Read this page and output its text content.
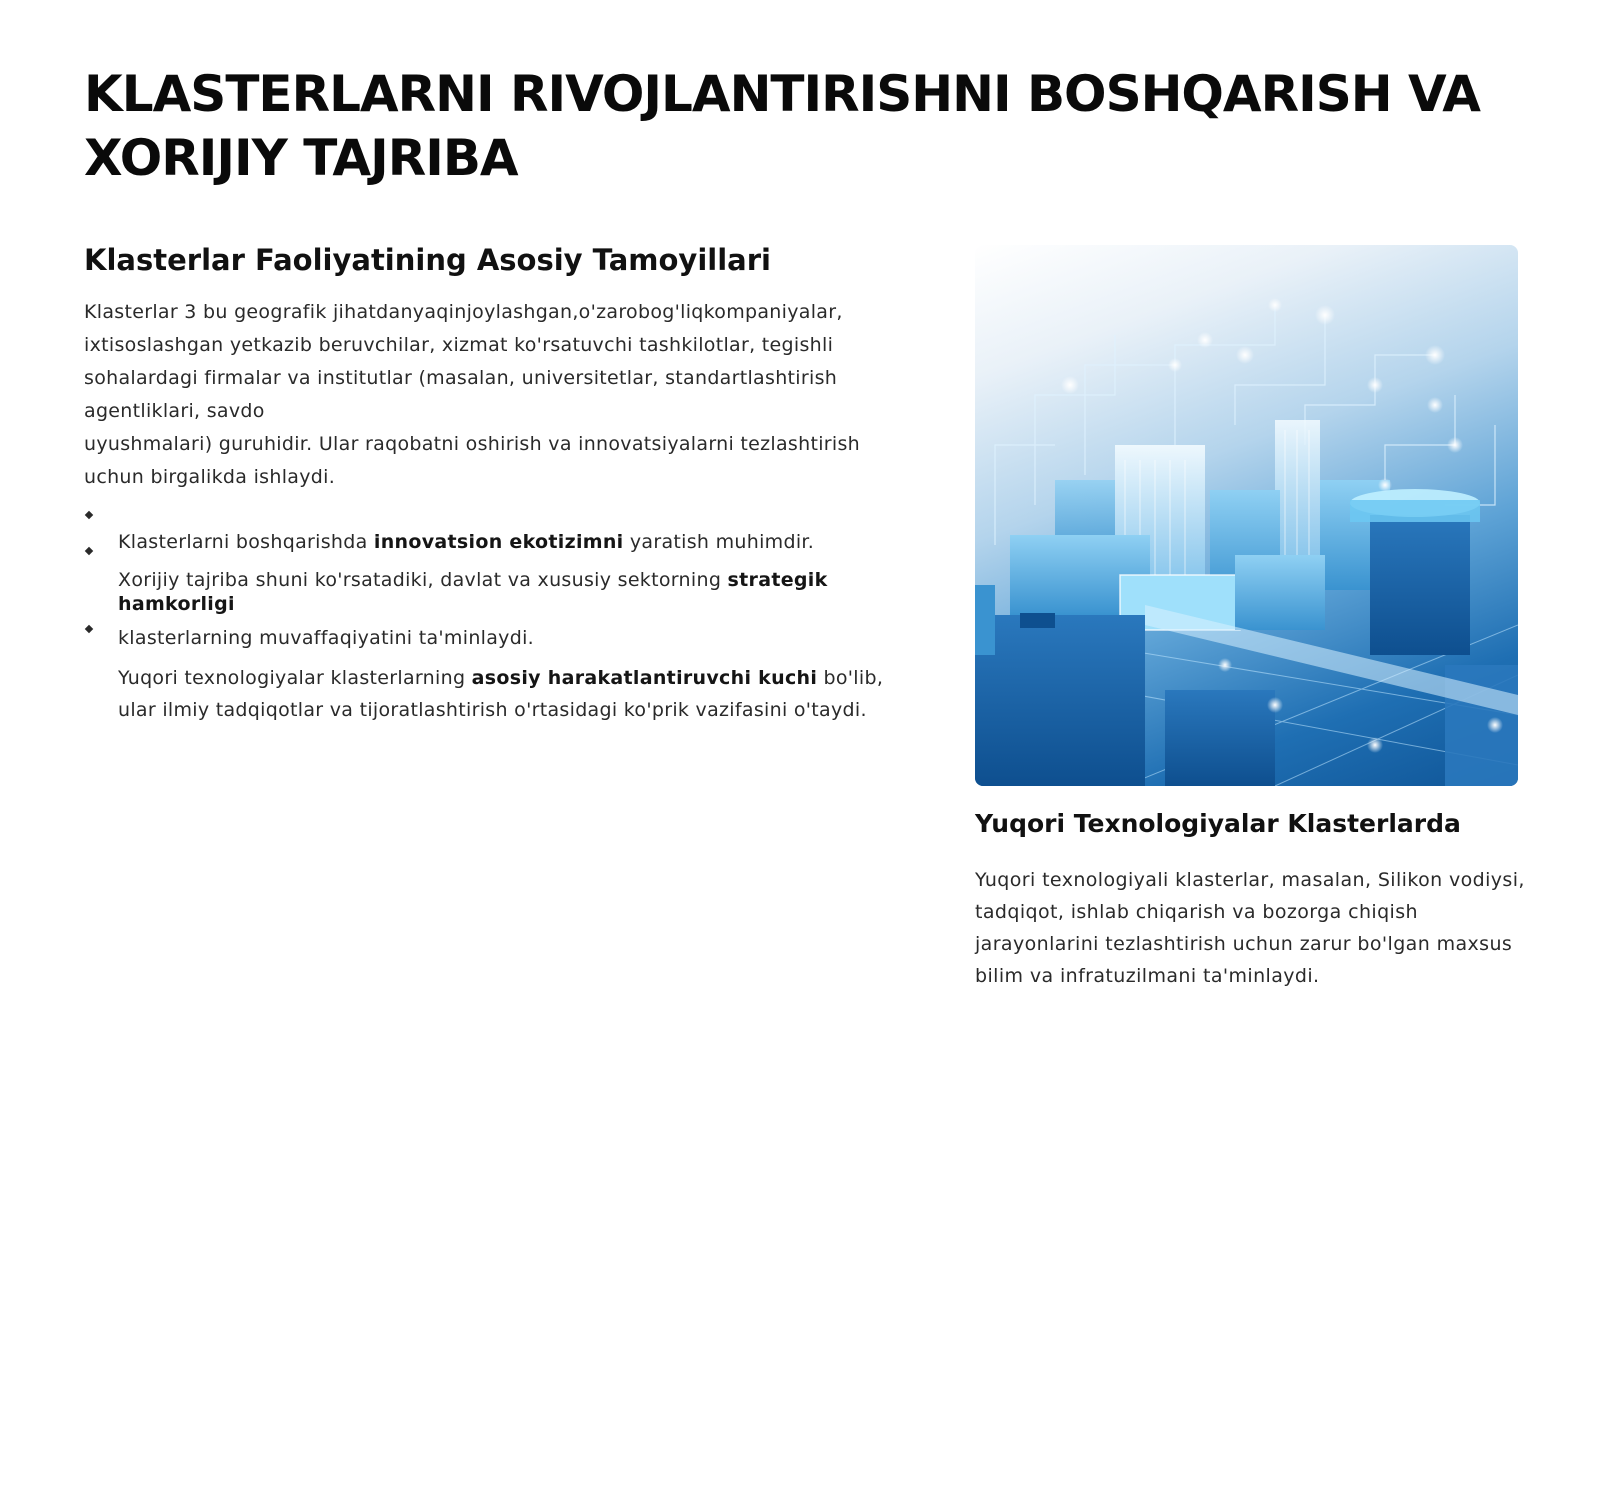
KLASTERLARNI RIVOJLANTIRISHNI BOSHQARISH VA XORIJIY TAJRIBA
Klasterlar Faoliyatining Asosiy Tamoyillari

Klasterlar 3 bu geografik jihatdanyaqinjoylashgan,o'zarobog'liqkompaniyalar,
ixtisoslashgan yetkazib beruvchilar, xizmat ko'rsatuvchi tashkilotlar, tegishli
sohalardagi firmalar va institutlar (masalan, universitetlar, standartlashtirish
agentliklari, savdo
uyushmalari) guruhidir. Ular raqobatni oshirish va innovatsiyalarni tezlashtirish
uchun birgalikda ishlaydi.

Klasterlarni boshqarishda innovatsion ekotizimni yaratish muhimdir.
Xorijiy tajriba shuni ko'rsatadiki, davlat va xususiy sektorning strategik hamkorligi
klasterlarning muvaffaqiyatini ta'minlaydi.
Yuqori texnologiyalar klasterlarning asosiy harakatlantiruvchi kuchi bo'lib, ular ilmiy tadqiqotlar va tijoratlashtirish o'rtasidagi ko'prik vazifasini o'taydi.
Yuqori Texnologiyalar Klasterlarda

Yuqori texnologiyali klasterlar, masalan, Silikon vodiysi, tadqiqot, ishlab chiqarish va bozorga chiqish jarayonlarini tezlashtirish uchun zarur bo'lgan maxsus bilim va infratuzilmani ta'minlaydi.
